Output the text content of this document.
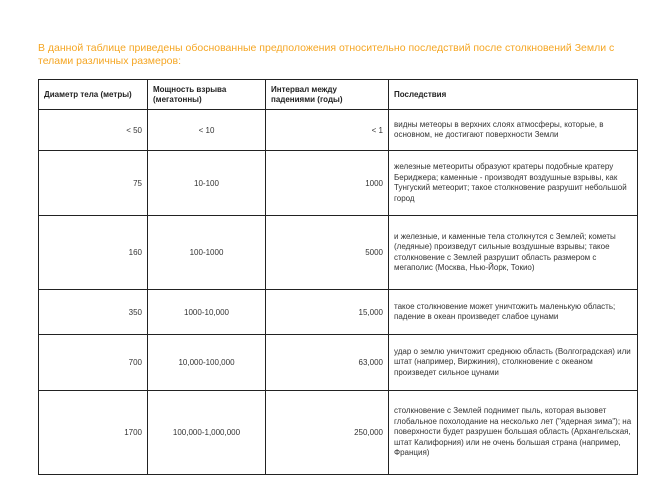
В данной таблице приведены обоснованные предположения относительно последствий после столкновений Земли с телами различных размеров:
Диаметр тела (метры)	Мощность взрыва (мегатонны)	Интервал между падениями (годы)	Последствия
< 50	< 10	< 1	видны метеоры в верхних слоях атмосферы, которые, в основном, не достигают поверхности Земли
75	10-100	1000	железные метеориты образуют кратеры подобные кратеру Бериджера; каменные - производят воздушные взрывы, как Тунгуский метеорит; такое столкновение разрушит небольшой город
160	100-1000	5000	и железные, и каменные тела столкнутся с Землей; кометы (ледяные) произведут сильные воздушные взрывы; такое столкновение с Землей разрушит область размером с мегаполис (Москва, Нью-Йорк, Токио)
350	1000-10,000	15,000	такое столкновение может уничтожить маленькую область; падение в океан произведет слабое цунами
700	10,000-100,000	63,000	удар о землю уничтожит среднюю область (Волгоградская) или штат (например, Виржиния), столкновение с океаном произведет сильное цунами
1700	100,000-1,000,000	250,000	столкновение с Землей поднимет пыль, которая вызовет глобальное похолодание на несколько лет ("ядерная зима"); на поверхности будет разрушен большая область (Архангельская, штат Калифорния) или не очень большая страна (например, Франция)
